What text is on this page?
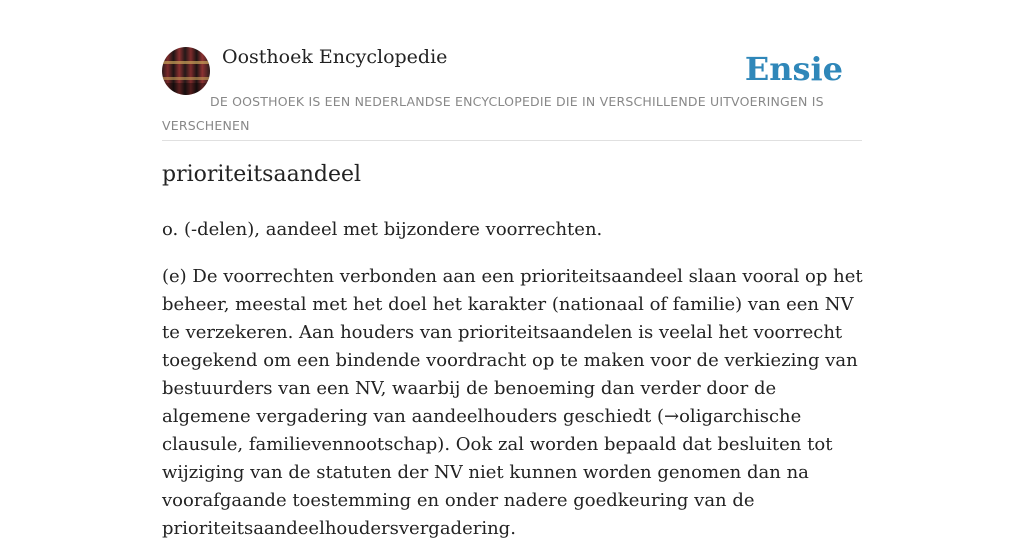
Oosthoek Encyclopedie	Ensie
DE OOSTHOEK IS EEN NEDERLANDSE ENCYCLOPEDIE DIE IN VERSCHILLENDE UITVOERINGEN IS VERSCHENEN
prioriteitsaandeel

o. (-delen), aandeel met bijzondere voorrechten.

(e) De voorrechten verbonden aan een prioriteitsaandeel slaan vooral op het beheer, meestal met het doel het karakter (nationaal of familie) van een NV te verzekeren. Aan houders van prioriteitsaandelen is veelal het voorrecht toegekend om een bindende voordracht op te maken voor de verkiezing van bestuurders van een NV, waarbij de benoeming dan verder door de algemene vergadering van aandeelhouders geschiedt (→oligarchische clausule, familievennootschap). Ook zal worden bepaald dat besluiten tot wijziging van de statuten der NV niet kunnen worden genomen dan na voorafgaande toestemming en onder nadere goedkeuring van de prioriteitsaandeelhoudersvergadering.
